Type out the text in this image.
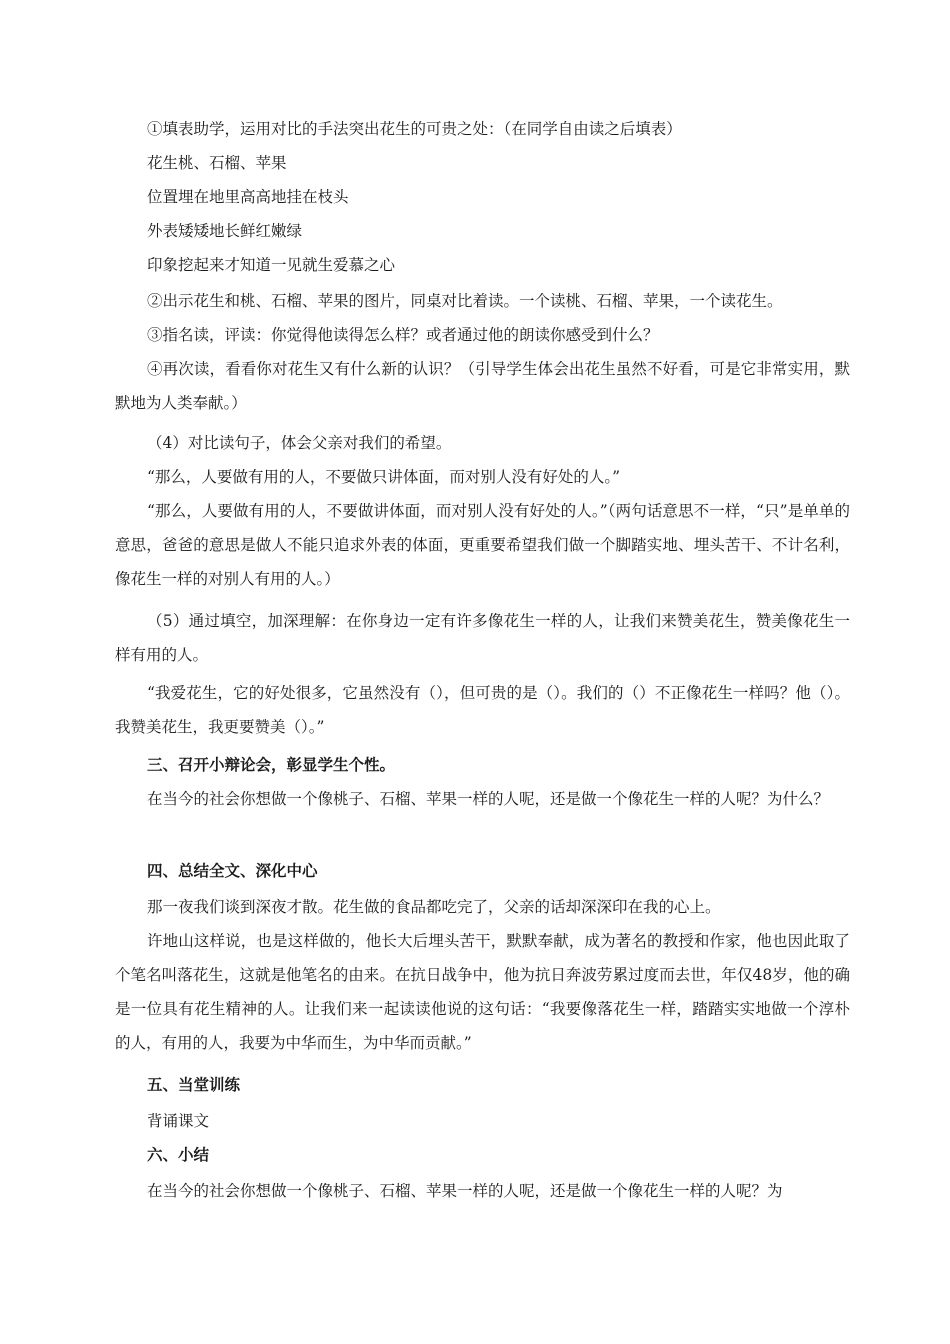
①填表助学，运用对比的手法突出花生的可贵之处：（在同学自由读之后填表）

花生桃、石榴、苹果

位置埋在地里高高地挂在枝头

外表矮矮地长鲜红嫩绿

印象挖起来才知道一见就生爱慕之心

②出示花生和桃、石榴、苹果的图片，同桌对比着读。一个读桃、石榴、苹果，一个读花生。

③指名读，评读：你觉得他读得怎么样？或者通过他的朗读你感受到什么？

④再次读，看看你对花生又有什么新的认识？（引导学生体会出花生虽然不好看，可是它非常实用，默默地为人类奉献。）

（4）对比读句子，体会父亲对我们的希望。

“那么，人要做有用的人，不要做只讲体面，而对别人没有好处的人。”

“那么，人要做有用的人，不要做讲体面，而对别人没有好处的人。”（两句话意思不一样，“只”是单单的意思，爸爸的意思是做人不能只追求外表的体面，更重要希望我们做一个脚踏实地、埋头苦干、不计名利，像花生一样的对别人有用的人。）

（5）通过填空，加深理解：在你身边一定有许多像花生一样的人，让我们来赞美花生，赞美像花生一样有用的人。

“我爱花生，它的好处很多，它虽然没有（），但可贵的是（）。我们的（）不正像花生一样吗？他（）。我赞美花生，我更要赞美（）。”

三、召开小辩论会，彰显学生个性。

在当今的社会你想做一个像桃子、石榴、苹果一样的人呢，还是做一个像花生一样的人呢？为什么？

四、总结全文、深化中心

那一夜我们谈到深夜才散。花生做的食品都吃完了，父亲的话却深深印在我的心上。

许地山这样说，也是这样做的，他长大后埋头苦干，默默奉献，成为著名的教授和作家，他也因此取了个笔名叫落花生，这就是他笔名的由来。在抗日战争中，他为抗日奔波劳累过度而去世，年仅48岁，他的确是一位具有花生精神的人。让我们来一起读读他说的这句话：“我要像落花生一样，踏踏实实地做一个淳朴的人，有用的人，我要为中华而生，为中华而贡献。”

五、当堂训练

背诵课文

六、小结

在当今的社会你想做一个像桃子、石榴、苹果一样的人呢，还是做一个像花生一样的人呢？为
